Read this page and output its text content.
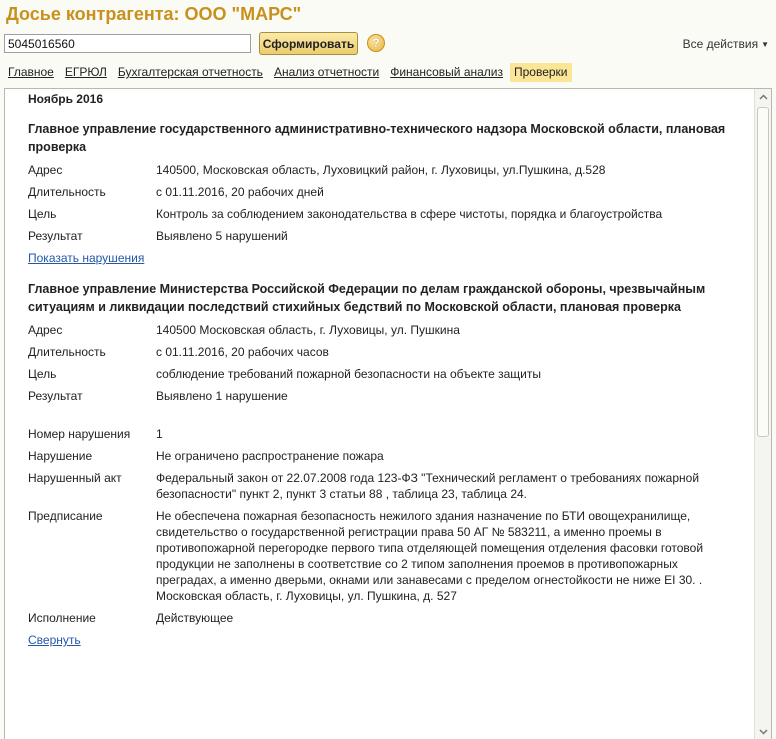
Досье контрагента: ООО "МАРС"
5045016560	Сформировать	?	Все действия ▼
Главное ЕГРЮЛ Бухгалтерская отчетность Анализ отчетности Финансовый анализ Проверки
Ноябрь 2016
Главное управление государственного административно-технического надзора Московской области, плановая проверка
Адрес	140500, Московская область, Луховицкий район, г. Луховицы, ул.Пушкина, д.528
Длительность	с 01.11.2016, 20 рабочих дней
Цель	Контроль за соблюдением законодательства в сфере чистоты, порядка и благоустройства
Результат	Выявлено 5 нарушений
Показать нарушения
Главное управление Министерства Российской Федерации по делам гражданской обороны, чрезвычайным ситуациям и ликвидации последствий стихийных бедствий по Московской области, плановая проверка
Адрес	140500 Московская область, г. Луховицы, ул. Пушкина
Длительность	с 01.11.2016, 20 рабочих часов
Цель	соблюдение требований пожарной безопасности на объекте защиты
Результат	Выявлено 1 нарушение
Номер нарушения	1
Нарушение	Не ограничено распространение пожара
Нарушенный акт	Федеральный закон от 22.07.2008 года 123-ФЗ "Технический регламент о требованиях пожарной безопасности" пункт 2, пункт 3 статьи 88 , таблица 23, таблица 24.
Предписание	Не обеспечена пожарная безопасность нежилого здания назначение по БТИ овощехранилище, свидетельство о государственной регистрации права 50 АГ № 583211, а именно проемы в противопожарной перегородке первого типа отделяющей помещения отделения фасовки готовой продукции не заполнены в соответствие со 2 типом заполнения проемов в противопожарных преградах, а именно дверьми, окнами или занавесами с пределом огнестойкости не ниже EI 30. . Московская область, г. Луховицы, ул. Пушкина, д. 527
Исполнение	Действующее
Свернуть
